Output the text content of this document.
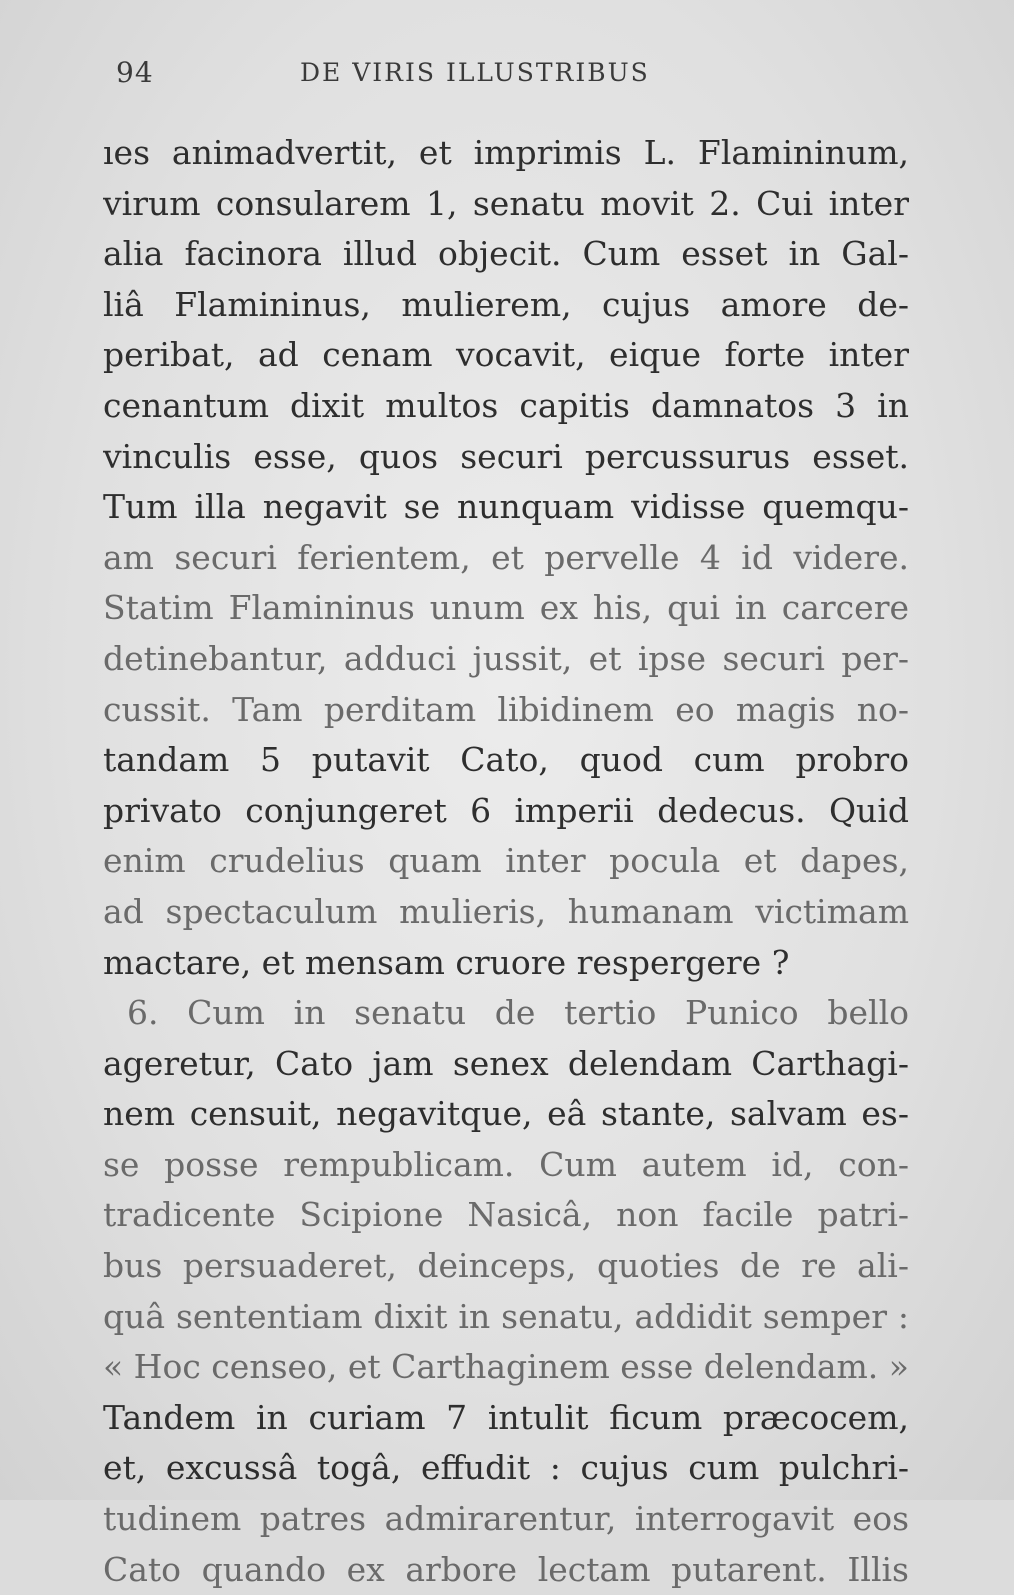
94	DE VIRIS ILLUSTRIBUS
ıes animadvertit, et imprimis L. Flamininum,
virum consularem 1, senatu movit 2. Cui inter
alia facinora illud objecit. Cum esset in Gal-
liâ Flamininus, mulierem, cujus amore de-
peribat, ad cenam vocavit, eique forte inter
cenantum dixit multos capitis damnatos 3 in
vinculis esse, quos securi percussurus esset.
Tum illa negavit se nunquam vidisse quemqu-
am securi ferientem, et pervelle 4 id videre.
Statim Flamininus unum ex his, qui in carcere
detinebantur, adduci jussit, et ipse securi per-
cussit. Tam perditam libidinem eo magis no-
tandam 5 putavit Cato, quod cum probro
privato conjungeret 6 imperii dedecus. Quid
enim crudelius quam inter pocula et dapes,
ad spectaculum mulieris, humanam victimam
mactare, et mensam cruore respergere ?
6. Cum in senatu de tertio Punico bello
ageretur, Cato jam senex delendam Carthagi-
nem censuit, negavitque, eâ stante, salvam es-
se posse rempublicam. Cum autem id, con-
tradicente Scipione Nasicâ, non facile patri-
bus persuaderet, deinceps, quoties de re ali-
quâ sententiam dixit in senatu, addidit semper :
« Hoc censeo, et Carthaginem esse delendam. »
Tandem in curiam 7 intulit ficum præcocem,
et, excussâ togâ, effudit : cujus cum pulchri-
tudinem patres admirarentur, interrogavit eos
Cato quando ex arbore lectam putarent. Illis
